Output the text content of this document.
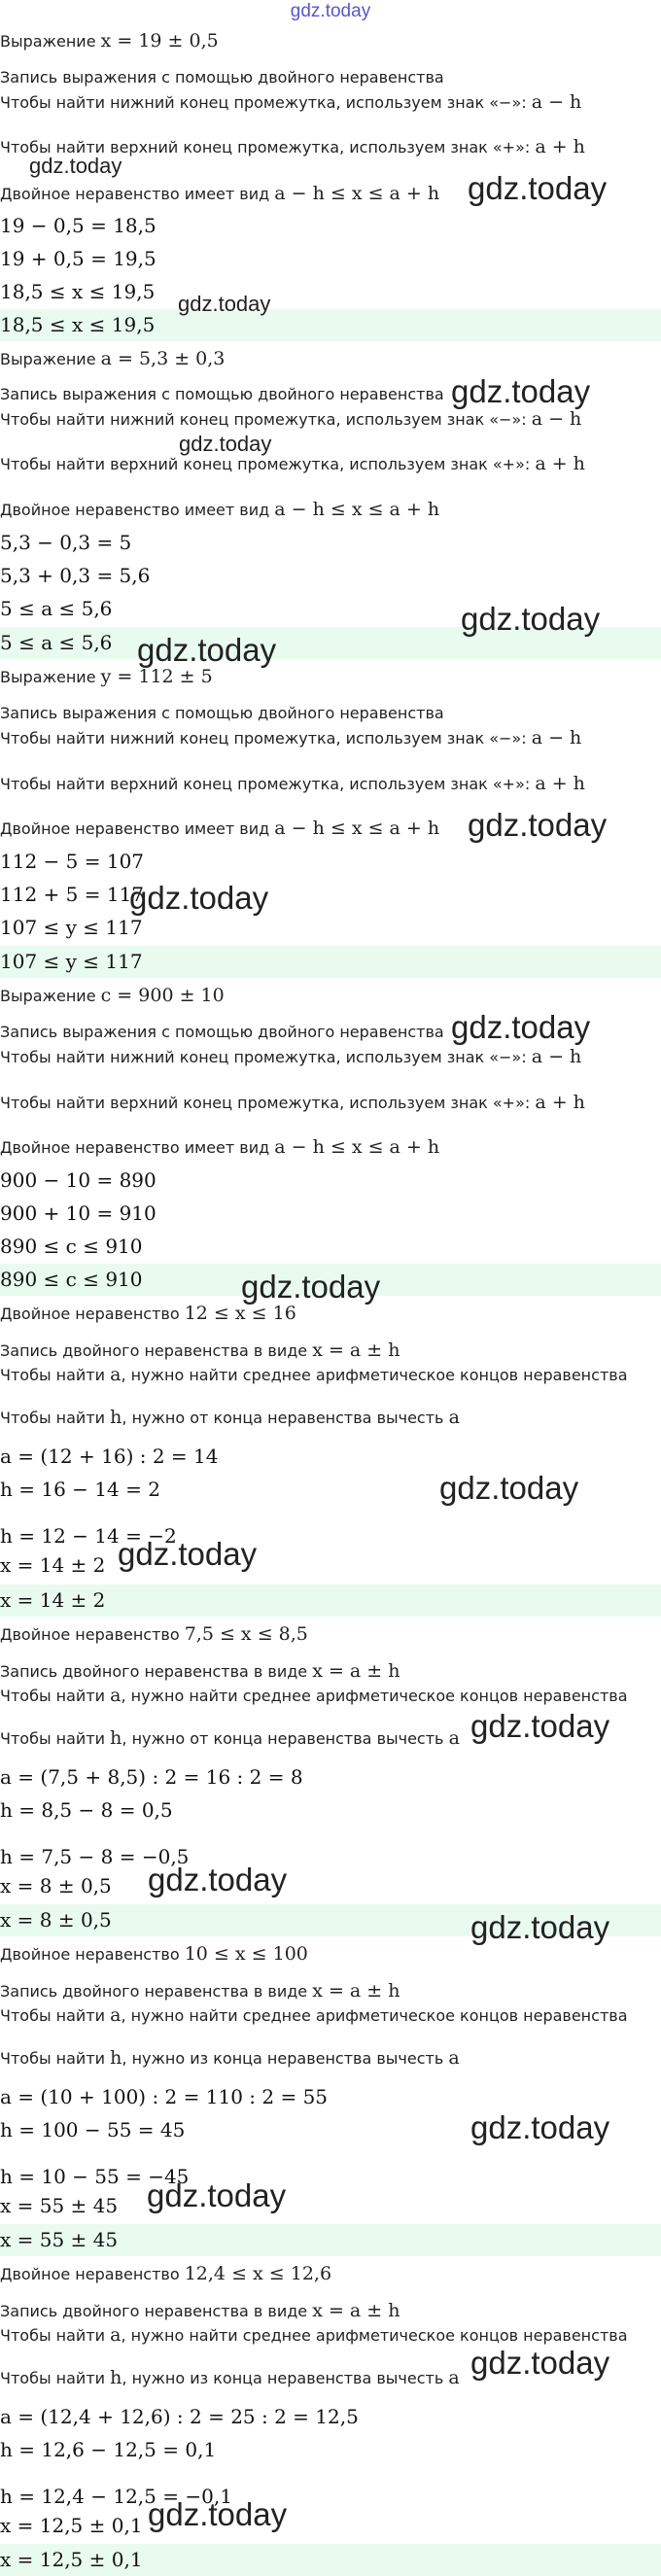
gdz.today
18,5 ≤ x ≤ 19,5
5 ≤ a ≤ 5,6
107 ≤ y ≤ 117
890 ≤ c ≤ 910
x = 14 ± 2
x = 8 ± 0,5
x = 55 ± 45
x = 12,5 ± 0,1
Выражение x = 19 ± 0,5
Запись выражения с помощью двойного неравенства
Чтобы найти нижний конец промежутка, используем знак «−»: a − h
Чтобы найти верхний конец промежутка, используем знак «+»: a + h
Двойное неравенство имеет вид a − h ≤ x ≤ a + h
19 − 0,5 = 18,5
19 + 0,5 = 19,5
18,5 ≤ x ≤ 19,5
Выражение a = 5,3 ± 0,3
Запись выражения с помощью двойного неравенства
Чтобы найти нижний конец промежутка, используем знак «−»: a − h
Чтобы найти верхний конец промежутка, используем знак «+»: a + h
Двойное неравенство имеет вид a − h ≤ x ≤ a + h
5,3 − 0,3 = 5
5,3 + 0,3 = 5,6
5 ≤ a ≤ 5,6
Выражение y = 112 ± 5
Запись выражения с помощью двойного неравенства
Чтобы найти нижний конец промежутка, используем знак «−»: a − h
Чтобы найти верхний конец промежутка, используем знак «+»: a + h
Двойное неравенство имеет вид a − h ≤ x ≤ a + h
112 − 5 = 107
112 + 5 = 117
107 ≤ y ≤ 117
Выражение c = 900 ± 10
Запись выражения с помощью двойного неравенства
Чтобы найти нижний конец промежутка, используем знак «−»: a − h
Чтобы найти верхний конец промежутка, используем знак «+»: a + h
Двойное неравенство имеет вид a − h ≤ x ≤ a + h
900 − 10 = 890
900 + 10 = 910
890 ≤ c ≤ 910
Двойное неравенство 12 ≤ x ≤ 16
Запись двойного неравенства в виде x = a ± h
Чтобы найти a, нужно найти среднее арифметическое концов неравенства
Чтобы найти h, нужно от конца неравенства вычесть a
a = (12 + 16) : 2 = 14
h = 16 − 14 = 2
h = 12 − 14 = −2
x = 14 ± 2
Двойное неравенство 7,5 ≤ x ≤ 8,5
Запись двойного неравенства в виде x = a ± h
Чтобы найти a, нужно найти среднее арифметическое концов неравенства
Чтобы найти h, нужно от конца неравенства вычесть a
a = (7,5 + 8,5) : 2 = 16 : 2 = 8
h = 8,5 − 8 = 0,5
h = 7,5 − 8 = −0,5
x = 8 ± 0,5
Двойное неравенство 10 ≤ x ≤ 100
Запись двойного неравенства в виде x = a ± h
Чтобы найти a, нужно найти среднее арифметическое концов неравенства
Чтобы найти h, нужно из конца неравенства вычесть a
a = (10 + 100) : 2 = 110 : 2 = 55
h = 100 − 55 = 45
h = 10 − 55 = −45
x = 55 ± 45
Двойное неравенство 12,4 ≤ x ≤ 12,6
Запись двойного неравенства в виде x = a ± h
Чтобы найти a, нужно найти среднее арифметическое концов неравенства
Чтобы найти h, нужно из конца неравенства вычесть a
a = (12,4 + 12,6) : 2 = 25 : 2 = 12,5
h = 12,6 − 12,5 = 0,1
h = 12,4 − 12,5 = −0,1
x = 12,5 ± 0,1
gdz.today
gdz.today
gdz.today
gdz.today
gdz.today
gdz.today
gdz.today
gdz.today
gdz.today
gdz.today
gdz.today
gdz.today
gdz.today
gdz.today
gdz.today
gdz.today
gdz.today
gdz.today
gdz.today
gdz.today
